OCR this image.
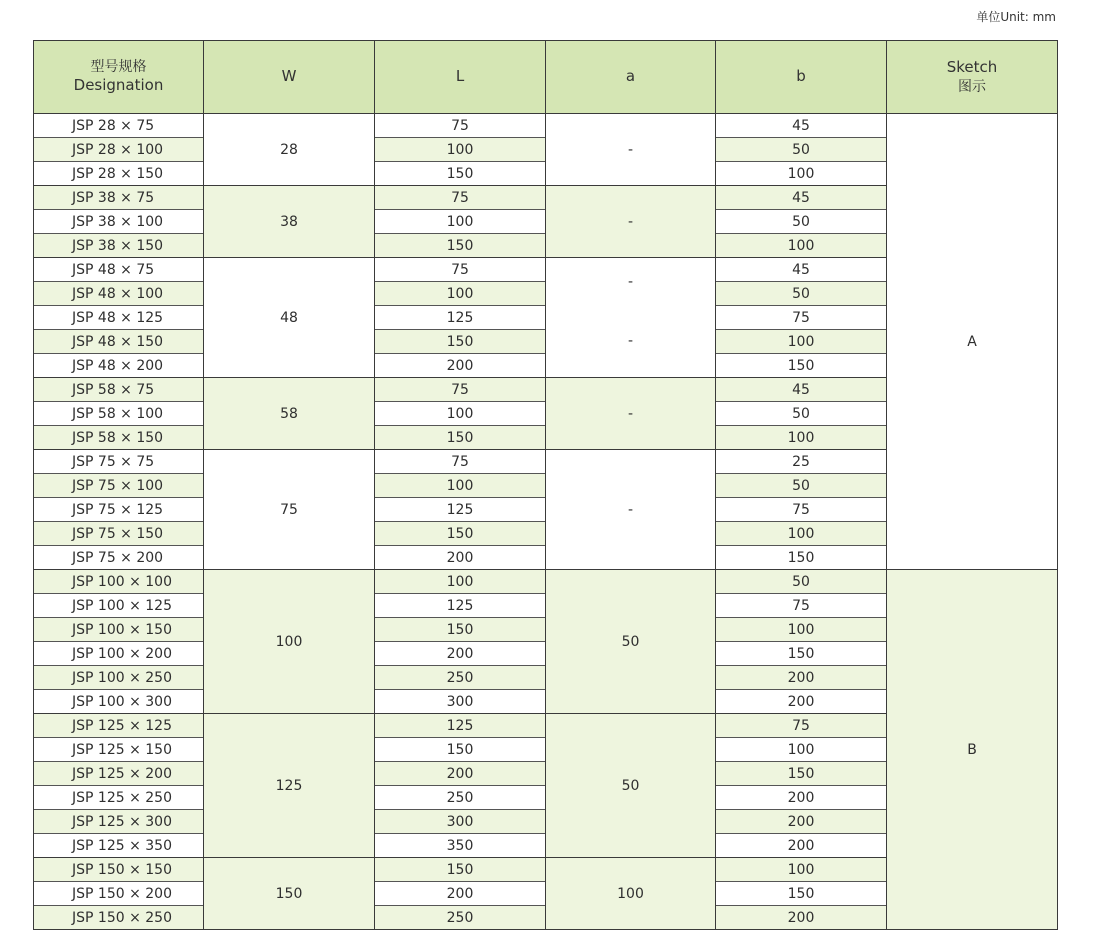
单位Unit: mm
型号规格
Designation	W	L	a	b	Sketch
图示

JSP 28 × 75	28	75	-	45	A
JSP 28 × 100		100		50	
JSP 28 × 150		150		100	
JSP 38 × 75	38	75	-	45	
JSP 38 × 100		100		50	
JSP 38 × 150		150		100	
JSP 48 × 75	48	75	-	45	
JSP 48 × 100		100		50	
JSP 48 × 125		125	-	75	
JSP 48 × 150		150		100	
JSP 48 × 200		200		150	
JSP 58 × 75	58	75	-	45	
JSP 58 × 100		100		50	
JSP 58 × 150		150		100	
JSP 75 × 75	75	75	-	25	
JSP 75 × 100		100		50	
JSP 75 × 125		125		75	
JSP 75 × 150		150		100	
JSP 75 × 200		200		150	
JSP 100 × 100	100	100	50	50	B
JSP 100 × 125		125		75	
JSP 100 × 150		150		100	
JSP 100 × 200		200		150	
JSP 100 × 250		250		200	
JSP 100 × 300		300		200	
JSP 125 × 125	125	125	50	75	
JSP 125 × 150		150		100	
JSP 125 × 200		200		150	
JSP 125 × 250		250		200	
JSP 125 × 300		300		200	
JSP 125 × 350		350		200	
JSP 150 × 150	150	150	100	100	
JSP 150 × 200		200		150	
JSP 150 × 250		250		200	
